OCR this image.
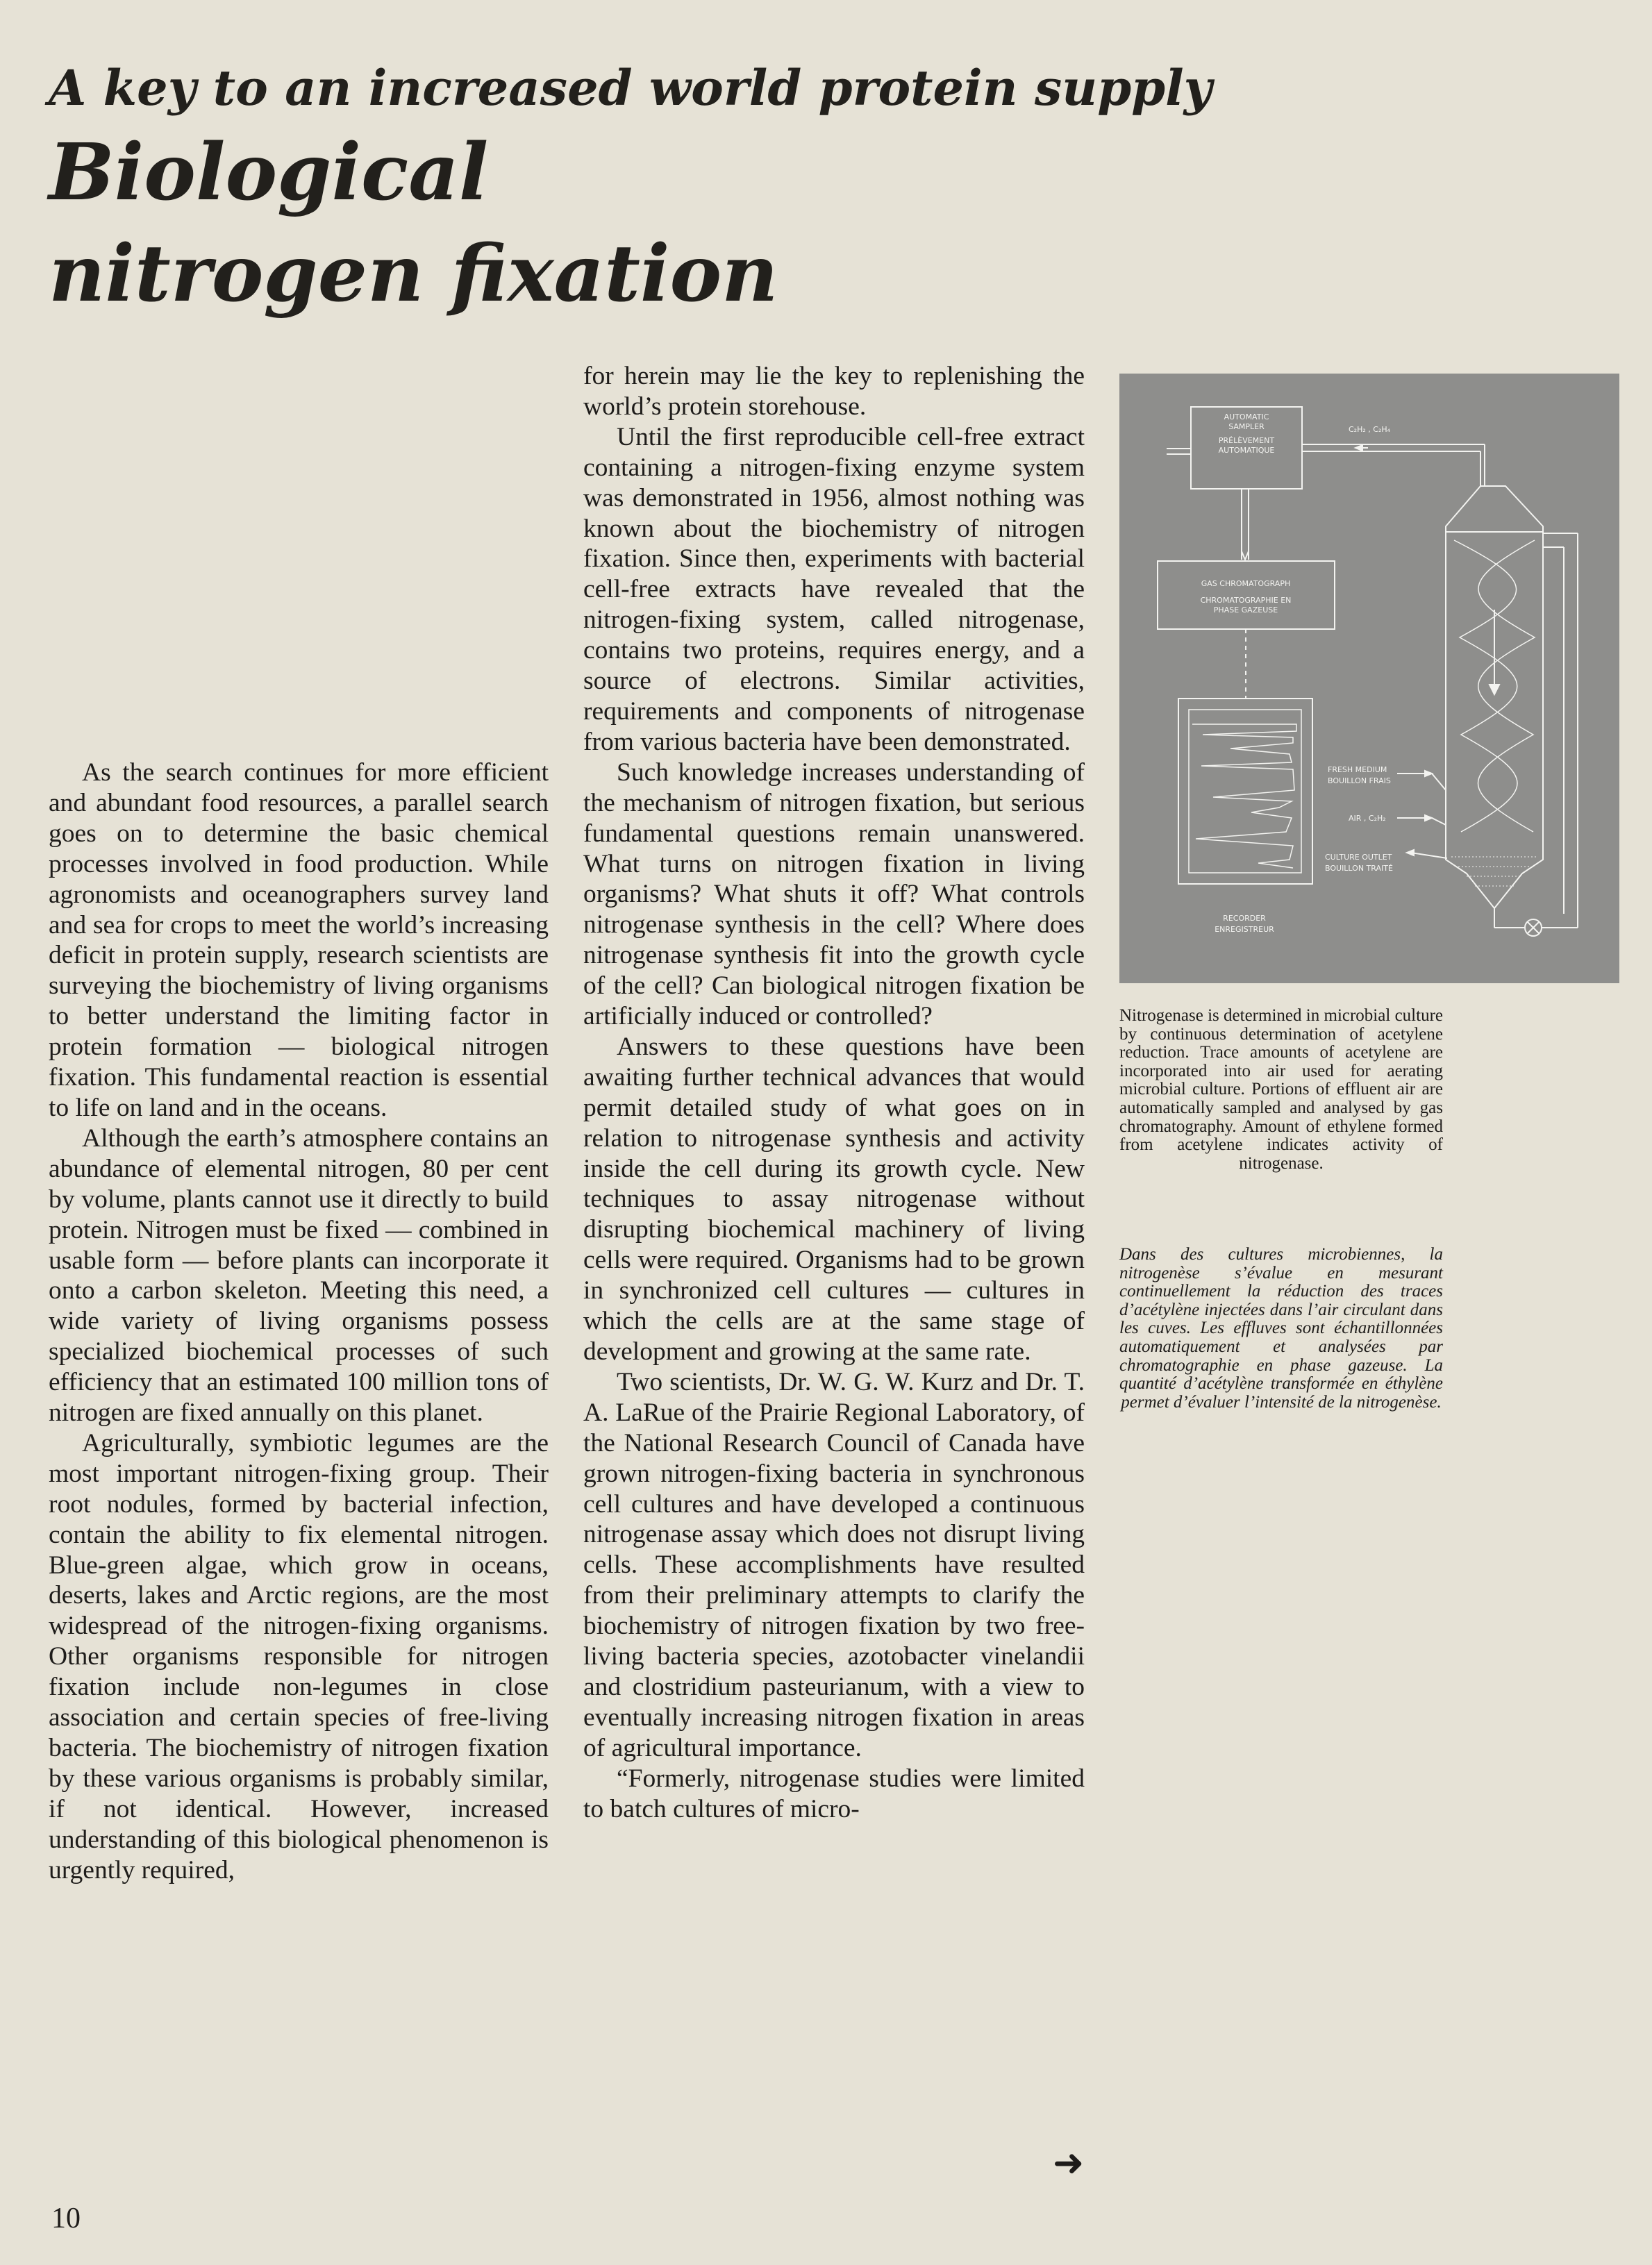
A key to an increased world protein supply
Biological
nitrogen fixation

As the search continues for more efficient and abundant food resources, a parallel search goes on to determine the basic chemical processes involved in food production. While agronomists and oceanographers survey land and sea for crops to meet the world’s increasing deficit in protein supply, research scientists are surveying the biochemistry of living organisms to better understand the limiting factor in protein formation — biological nitrogen fixation. This fundamental reaction is essential to life on land and in the oceans.

Although the earth’s atmosphere contains an abundance of elemental nitrogen, 80 per cent by volume, plants cannot use it directly to build protein. Nitrogen must be fixed — combined in usable form — before plants can incorporate it onto a carbon skeleton. Meeting this need, a wide variety of living organisms possess specialized biochemical processes of such efficiency that an estimated 100 million tons of nitrogen are fixed annually on this planet.

Agriculturally, symbiotic legumes are the most important nitrogen-fixing group. Their root nodules, formed by bacterial infection, contain the ability to fix elemental nitrogen. Blue-green algae, which grow in oceans, deserts, lakes and Arctic regions, are the most widespread of the nitrogen-fixing organisms. Other organisms responsible for nitrogen fixation include non-legumes in close association and certain species of free-living bacteria. The biochemistry of nitrogen fixation by these various organisms is probably similar, if not identical. However, increased understanding of this biological phenomenon is urgently required,

for herein may lie the key to replenishing the world’s protein storehouse.

Until the first reproducible cell-free extract containing a nitrogen-fixing enzyme system was demonstrated in 1956, almost nothing was known about the biochemistry of nitrogen fixation. Since then, experiments with bacterial cell-free extracts have revealed that the nitrogen-fixing system, called nitrogenase, contains two proteins, requires energy, and a source of electrons. Similar activities, requirements and components of nitrogenase from various bacteria have been demonstrated.

Such knowledge increases understanding of the mechanism of nitrogen fixation, but serious fundamental questions remain unanswered. What turns on nitrogen fixation in living organisms? What shuts it off? What controls nitrogenase synthesis in the cell? Where does nitrogenase synthesis fit into the growth cycle of the cell? Can biological nitrogen fixation be artificially induced or controlled?

Answers to these questions have been awaiting further technical advances that would permit detailed study of what goes on in relation to nitrogenase synthesis and activity inside the cell during its growth cycle. New techniques to assay nitrogenase without disrupting biochemical machinery of living cells were required. Organisms had to be grown in synchronized cell cultures — cultures in which the cells are at the same stage of development and growing at the same rate.

Two scientists, Dr. W. G. W. Kurz and Dr. T. A. LaRue of the Prairie Regional Laboratory, of the National Research Council of Canada have grown nitrogen-fixing bacteria in synchronous cell cultures and have developed a continuous nitrogenase assay which does not disrupt living cells. These accomplishments have resulted from their preliminary attempts to clarify the biochemistry of nitrogen fixation by two free-living bacteria species, azotobacter vinelandii and clostridium pasteurianum, with a view to eventually increasing nitrogen fixation in areas of agricultural importance.

“Formerly, nitrogenase studies were limited to batch cultures of micro-

AUTOMATIC
SAMPLER
PRÉLÈVEMENT
AUTOMATIQUE
C₂H₂ , C₂H₄
GAS CHROMATOGRAPH
CHROMATOGRAPHIE EN
PHASE GAZEUSE
FRESH MEDIUM
BOUILLON FRAIS
AIR , C₂H₂
CULTURE OUTLET
BOUILLON TRAITÉ
RECORDER
ENREGISTREUR

Nitrogenase is determined in microbial culture by continuous determination of acetylene reduction. Trace amounts of acetylene are incorporated into air used for aerating microbial culture. Portions of effluent air are automatically sampled and analysed by gas chromatography. Amount of ethylene formed from acetylene indicates activity of nitrogenase.

Dans des cultures microbiennes, la nitrogenèse s’évalue en mesurant continuellement la réduction des traces d’acétylène injectées dans l’air circulant dans les cuves. Les effluves sont échantillonnées automatiquement et analysées par chromatographie en phase gazeuse. La quantité d’acétylène transformée en éthylène permet d’évaluer l’intensité de la nitrogenèse.

➜
10
